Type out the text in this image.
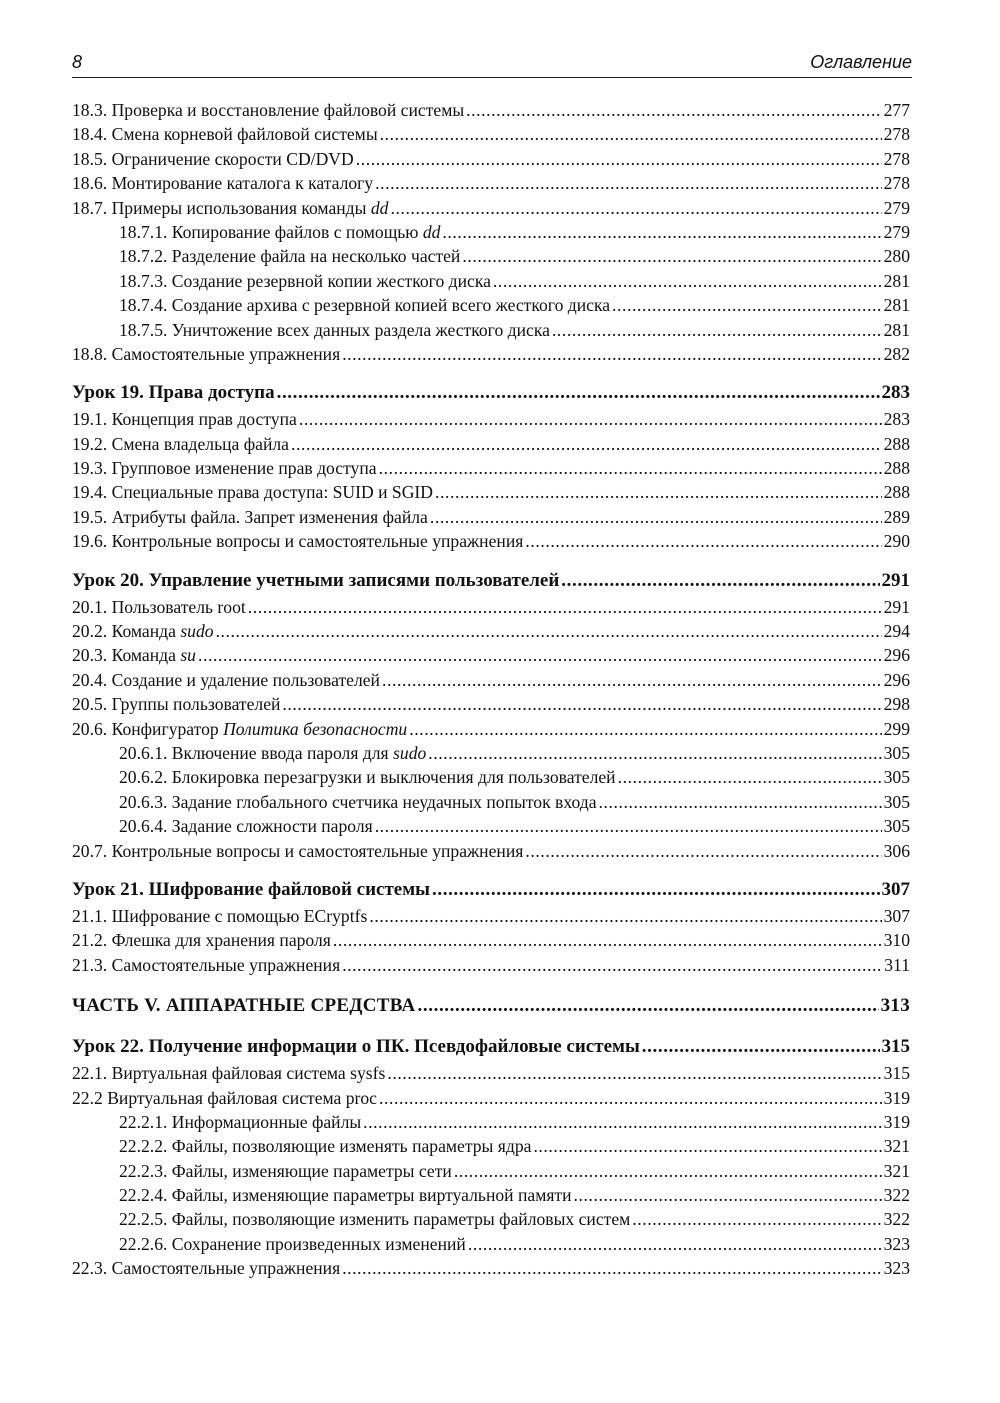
8	Оглавление
18.3. Проверка и восстановление файловой системы .....	277
18.4. Смена корневой файловой системы .....	278
18.5. Ограничение скорости CD/DVD .....	278
18.6. Монтирование каталога к каталогу .....	278
18.7. Примеры использования команды dd .....	279
18.7.1. Копирование файлов с помощью dd .....	279
18.7.2. Разделение файла на несколько частей .....	280
18.7.3. Создание резервной копии жесткого диска .....	281
18.7.4. Создание архива с резервной копией всего жесткого диска .....	281
18.7.5. Уничтожение всех данных раздела жесткого диска .....	281
18.8. Самостоятельные упражнения .....	282
Урок 19. Права доступа .....	283
19.1. Концепция прав доступа .....	283
19.2. Смена владельца файла .....	288
19.3. Групповое изменение прав доступа .....	288
19.4. Специальные права доступа: SUID и SGID .....	288
19.5. Атрибуты файла. Запрет изменения файла .....	289
19.6. Контрольные вопросы и самостоятельные упражнения .....	290
Урок 20. Управление учетными записями пользователей .....	291
20.1. Пользователь root .....	291
20.2. Команда sudo .....	294
20.3. Команда su .....	296
20.4. Создание и удаление пользователей .....	296
20.5. Группы пользователей .....	298
20.6. Конфигуратор Политика безопасности .....	299
20.6.1. Включение ввода пароля для sudo .....	305
20.6.2. Блокировка перезагрузки и выключения для пользователей .....	305
20.6.3. Задание глобального счетчика неудачных попыток входа .....	305
20.6.4. Задание сложности пароля .....	305
20.7. Контрольные вопросы и самостоятельные упражнения .....	306
Урок 21. Шифрование файловой системы .....	307
21.1. Шифрование с помощью ECryptfs .....	307
21.2. Флешка для хранения пароля .....	310
21.3. Самостоятельные упражнения .....	311
ЧАСТЬ V. АППАРАТНЫЕ СРЕДСТВА .....	313
Урок 22. Получение информации о ПК. Псевдофайловые системы .....	315
22.1. Виртуальная файловая система sysfs .....	315
22.2 Виртуальная файловая система proc .....	319
22.2.1. Информационные файлы .....	319
22.2.2. Файлы, позволяющие изменять параметры ядра .....	321
22.2.3. Файлы, изменяющие параметры сети .....	321
22.2.4. Файлы, изменяющие параметры виртуальной памяти .....	322
22.2.5. Файлы, позволяющие изменить параметры файловых систем .....	322
22.2.6. Сохранение произведенных изменений .....	323
22.3. Самостоятельные упражнения .....	323
